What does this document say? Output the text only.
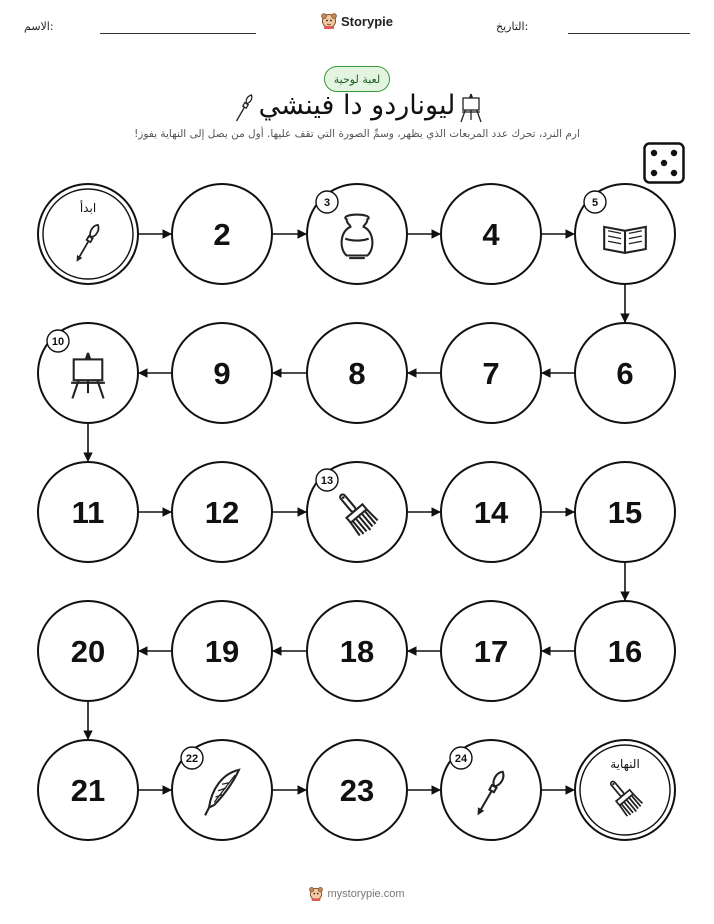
الاسم:	Storypie	التاريخ:
لعبة لوحية
ليوناردو دا فينشي
ارم النرد، تحرك عدد المربعات الذي يظهر، وسمِّ الصورة التي تقف عليها. أول من يصل إلى النهاية يفوز!
ابدأ
2
3
4
5
6
7
8
9
10
11	12
13
14	15
16
17
18
19
20
21
22
23
24	النهاية
mystorypie.com
